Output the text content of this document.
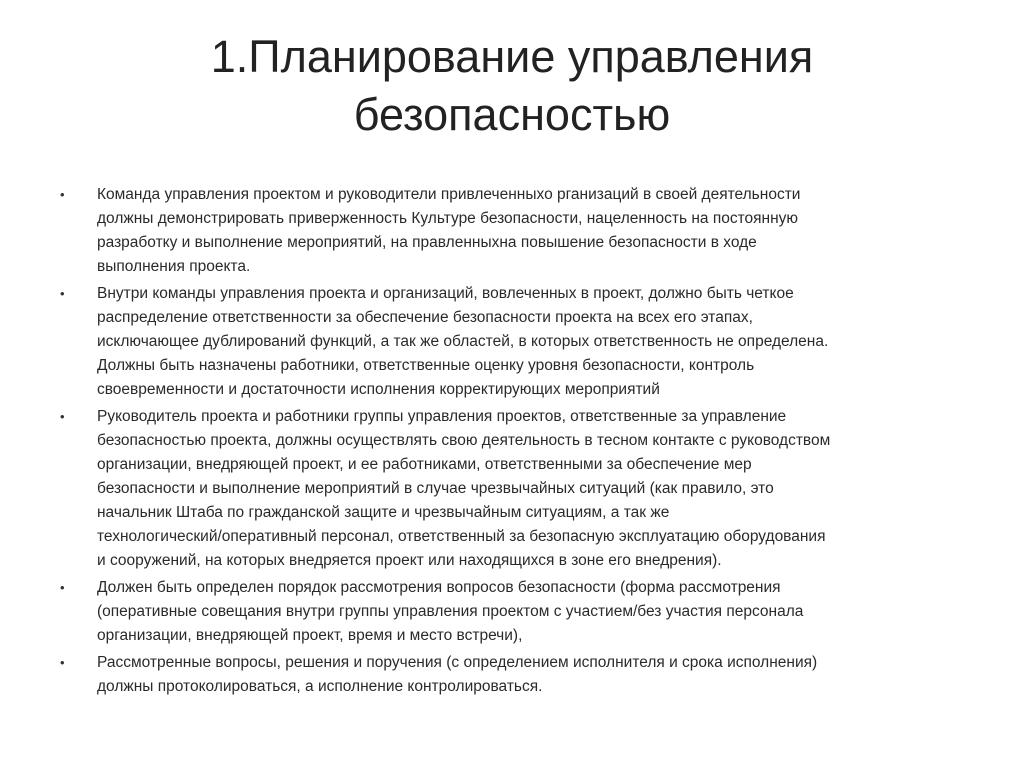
1.Планирование управления
безопасностью
•	Команда управления проектом и руководители привлеченныхо рганизаций в своей деятельности
должны демонстрировать приверженность Культуре безопасности, нацеленность на постоянную
разработку и выполнение мероприятий, на правленныхна повышение безопасности в ходе
выполнения проекта.
•	Внутри команды управления проекта и организаций, вовлеченных в проект, должно быть четкое
распределение ответственности за обеспечение безопасности проекта на всех его этапах,
исключающее дублирований функций, а так же областей, в которых ответственность не определена.
Должны быть назначены работники, ответственные оценку уровня безопасности, контроль
своевременности и достаточности исполнения корректирующих мероприятий
•	Руководитель проекта и работники группы управления проектов, ответственные за управление
безопасностью проекта, должны осуществлять свою деятельность в тесном контакте с руководством
организации, внедряющей проект, и ее работниками, ответственными за обеспечение мер
безопасности и выполнение мероприятий в случае чрезвычайных ситуаций (как правило, это
начальник Штаба по гражданской защите и чрезвычайным ситуациям, а так же
технологический/оперативный персонал, ответственный за безопасную эксплуатацию оборудования
и сооружений, на которых внедряется проект или находящихся в зоне его внедрения).
•	Должен быть определен порядок рассмотрения вопросов безопасности (форма рассмотрения
(оперативные совещания внутри группы управления проектом с участием/без участия персонала
организации, внедряющей проект, время и место встречи),
•	Рассмотренные вопросы, решения и поручения (с определением исполнителя и срока исполнения)
должны протоколироваться, а исполнение контролироваться.
